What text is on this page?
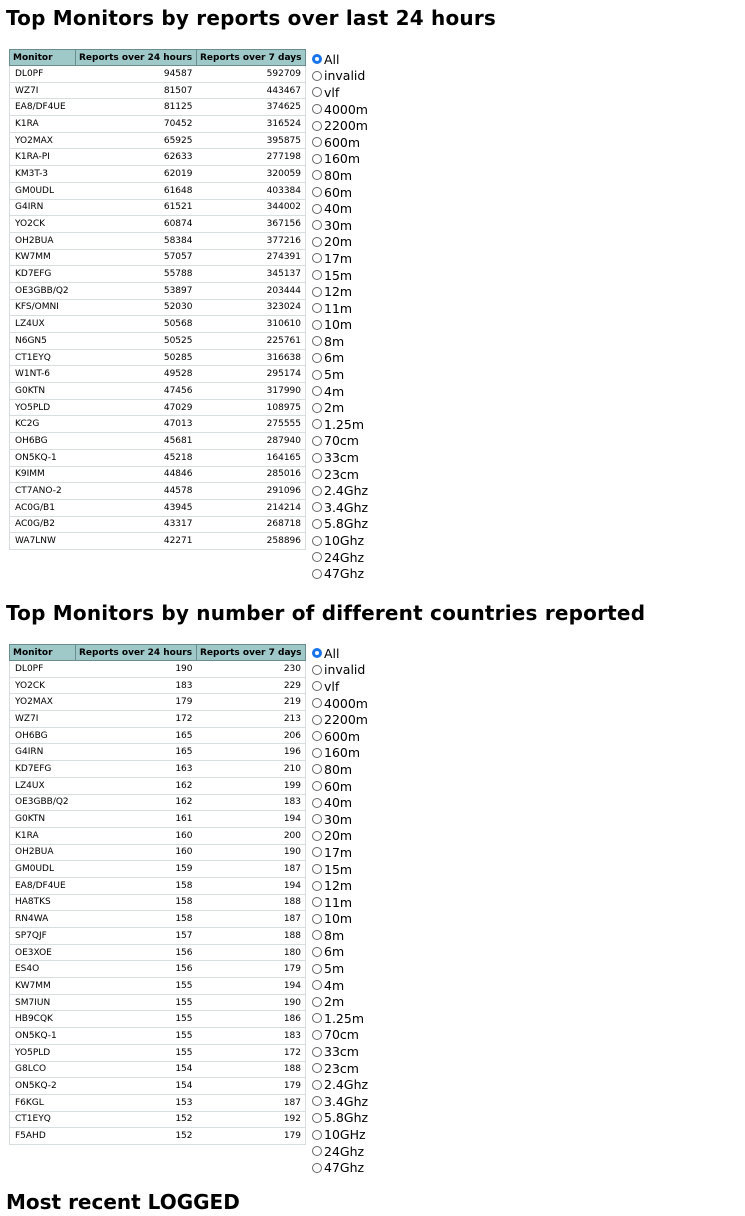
Top Monitors by reports over last 24 hours
Monitor	Reports over 24 hours	Reports over 7 days
DL0PF	94587	592709
WZ7I	81507	443467
EA8/DF4UE	81125	374625
K1RA	70452	316524
YO2MAX	65925	395875
K1RA-PI	62633	277198
KM3T-3	62019	320059
GM0UDL	61648	403384
G4IRN	61521	344002
YO2CK	60874	367156
OH2BUA	58384	377216
KW7MM	57057	274391
KD7EFG	55788	345137
OE3GBB/Q2	53897	203444
KFS/OMNI	52030	323024
LZ4UX	50568	310610
N6GN5	50525	225761
CT1EYQ	50285	316638
W1NT-6	49528	295174
G0KTN	47456	317990
YO5PLD	47029	108975
KC2G	47013	275555
OH6BG	45681	287940
ON5KQ-1	45218	164165
K9IMM	44846	285016
CT7ANO-2	44578	291096
AC0G/B1	43945	214214
AC0G/B2	43317	268718
WA7LNW	42271	258896
All
invalid
vlf
4000m
2200m
600m
160m
80m
60m
40m
30m
20m
17m
15m
12m
11m
10m
8m
6m
5m
4m
2m
1.25m
70cm
33cm
23cm
2.4Ghz
3.4Ghz
5.8Ghz
10Ghz
24Ghz
47Ghz
Top Monitors by number of different countries reported
Monitor	Reports over 24 hours	Reports over 7 days
DL0PF	190	230
YO2CK	183	229
YO2MAX	179	219
WZ7I	172	213
OH6BG	165	206
G4IRN	165	196
KD7EFG	163	210
LZ4UX	162	199
OE3GBB/Q2	162	183
G0KTN	161	194
K1RA	160	200
OH2BUA	160	190
GM0UDL	159	187
EA8/DF4UE	158	194
HA8TKS	158	188
RN4WA	158	187
SP7QJF	157	188
OE3XOE	156	180
ES4O	156	179
KW7MM	155	194
SM7IUN	155	190
HB9CQK	155	186
ON5KQ-1	155	183
YO5PLD	155	172
G8LCO	154	188
ON5KQ-2	154	179
F6KGL	153	187
CT1EYQ	152	192
F5AHD	152	179
All
invalid
vlf
4000m
2200m
600m
160m
80m
60m
40m
30m
20m
17m
15m
12m
11m
10m
8m
6m
5m
4m
2m
1.25m
70cm
33cm
23cm
2.4Ghz
3.4Ghz
5.8Ghz
10GHz
24Ghz
47Ghz
Most recent LOGGED
